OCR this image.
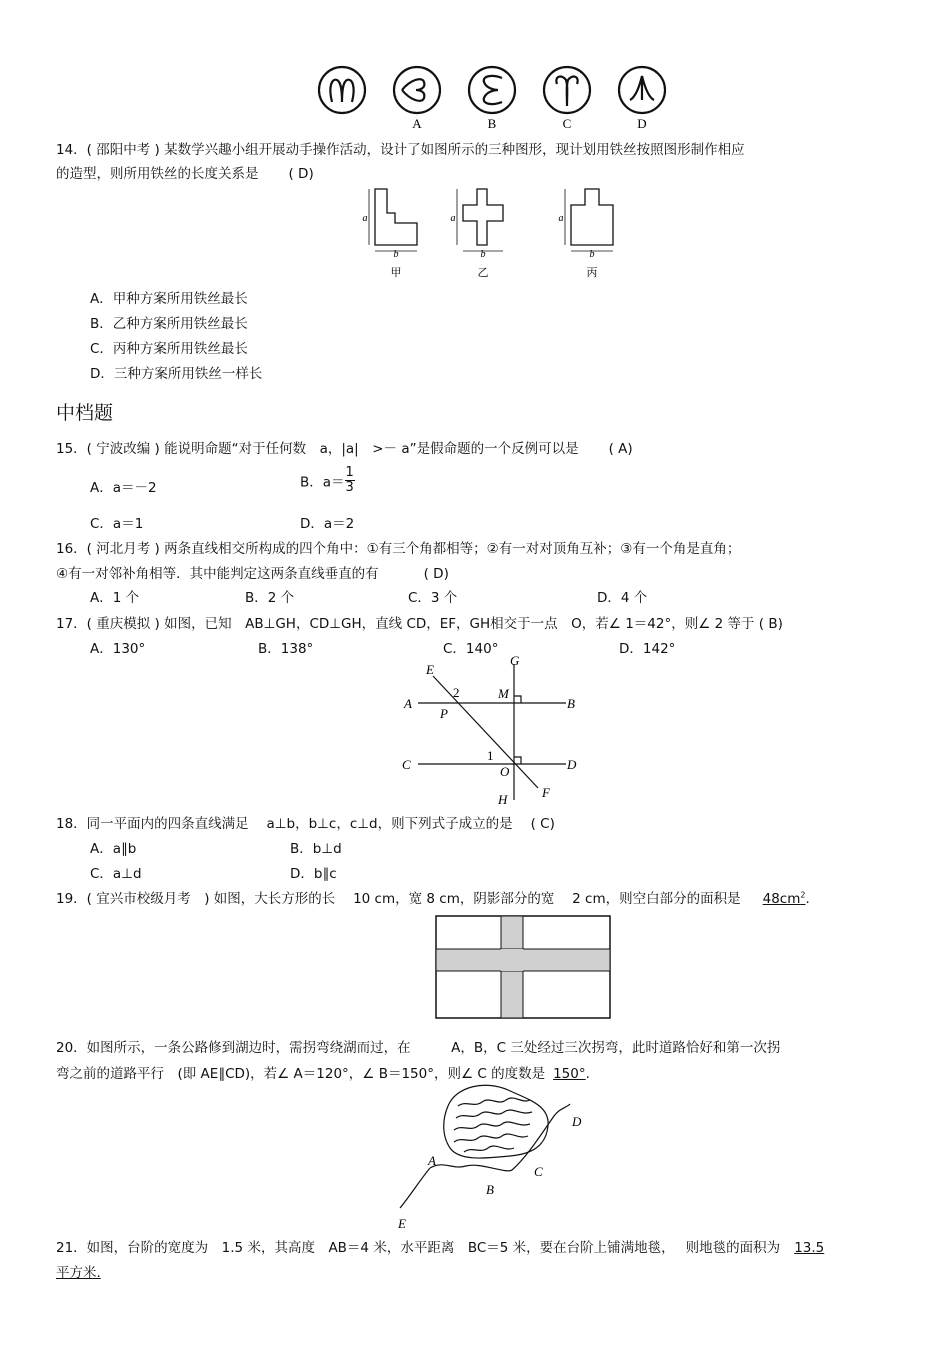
A	B	C	D
14．( 邵阳中考 ) 某数学兴趣小组开展动手操作活动，设计了如图所示的三种图形，现计划用铁丝按照图形制作相应
的造型，则所用铁丝的长度关系是 ( D)
a
b
a
b
a
b
甲	乙	丙
A．甲种方案所用铁丝最长
B．乙种方案所用铁丝最长
C．丙种方案所用铁丝最长
D．三种方案所用铁丝一样长
中档题
15．( 宁波改编 ) 能说明命题“对于任何数　a，|a|　>－ a”是假命题的一个反例可以是 ( A)
A．a＝－2	B．$a= \frac{1}{3}$
C．a＝1	D．a＝2
16．( 河北月考 ) 两条直线相交所构成的四个角中：①有三个角都相等；②有一对对顶角互补；③有一个角是直角；
④有一对邻补角相等．其中能判定这两条直线垂直的有	( D)
A．1 个	B．2 个	C．3 个	D．4 个
17．( 重庆模拟 ) 如图，已知　AB⊥GH，CD⊥GH，直线 CD，EF，GH相交于一点　O，若∠ 1＝42°，则∠ 2 等于 ( B)
A．130°	B．138°	C．140°	D．142°
E
G
2	M
A
P
B
C
1
O	D
H	F
18．同一平面内的四条直线满足　 a⊥b，b⊥c，c⊥d，则下列式子成立的是 ( C)
A．a∥b	B．b⊥d
C．a⊥d	D．b∥c
19．( 宜兴市校级月考　) 如图，大长方形的长　 10 cm，宽 8 cm，阴影部分的宽　 2 cm，则空白部分的面积是 $48cm^2$.
20．如图所示，一条公路修到湖边时，需拐弯绕湖而过，在　　　A，B，C 三处经过三次拐弯，此时道路恰好和第一次拐
弯之前的道路平行　(即 AE∥CD)，若∠ A＝120°，∠ B＝150°，则∠ C 的度数是 150°.
A
B
C
D
E
21．如图，台阶的宽度为　1.5 米，其高度　AB＝4 米，水平距离　BC＝5 米，要在台阶上铺满地毯，　 则地毯的面积为 13.5
平方米.
